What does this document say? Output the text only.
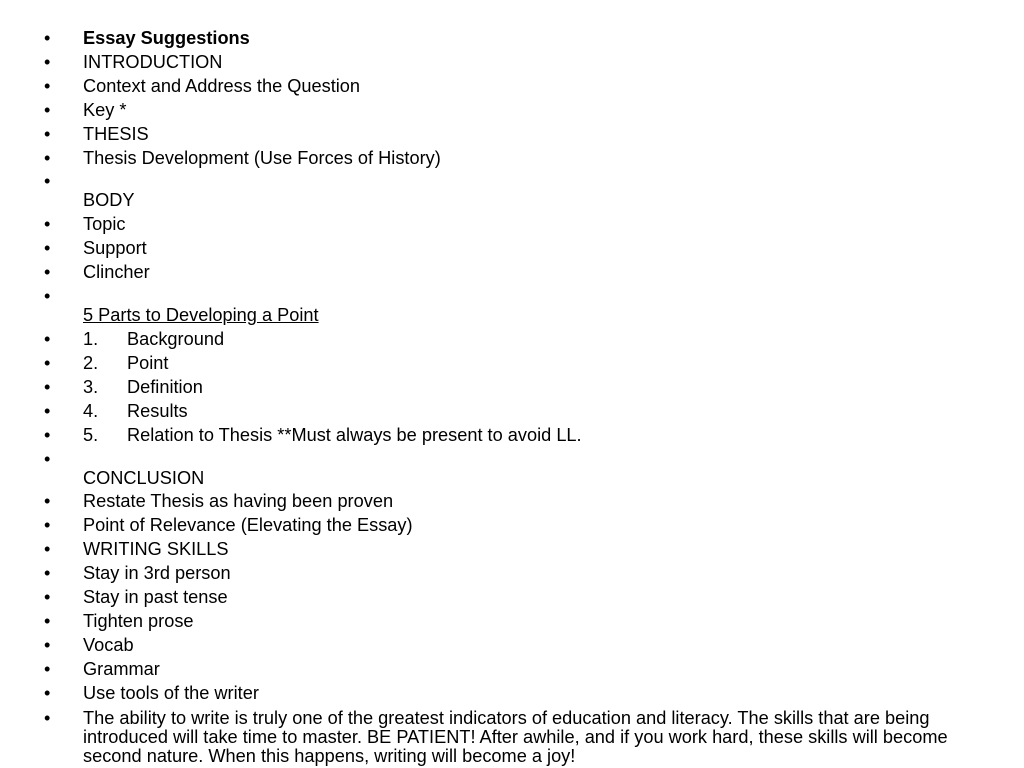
•	Essay Suggestions
•	INTRODUCTION
•	Context and Address the Question
•	Key *
•	THESIS
•	Thesis Development (Use Forces of History)
•
BODY
•	Topic
•	Support
•	Clincher
•
5 Parts to Developing a Point
•	1. Background
•	2. Point
•	3. Definition
•	4. Results
•	5. Relation to Thesis **Must always be present to avoid LL.
•
CONCLUSION
•	Restate Thesis as having been proven
•	Point of Relevance (Elevating the Essay)
•	WRITING SKILLS
•	Stay in 3rd person
•	Stay in past tense
•	Tighten prose
•	Vocab
•	Grammar
•	Use tools of the writer
•	The ability to write is truly one of the greatest indicators of education and literacy. The skills that are being introduced will take time to master. BE PATIENT! After awhile, and if you work hard, these skills will become second nature. When this happens, writing will become a joy!
